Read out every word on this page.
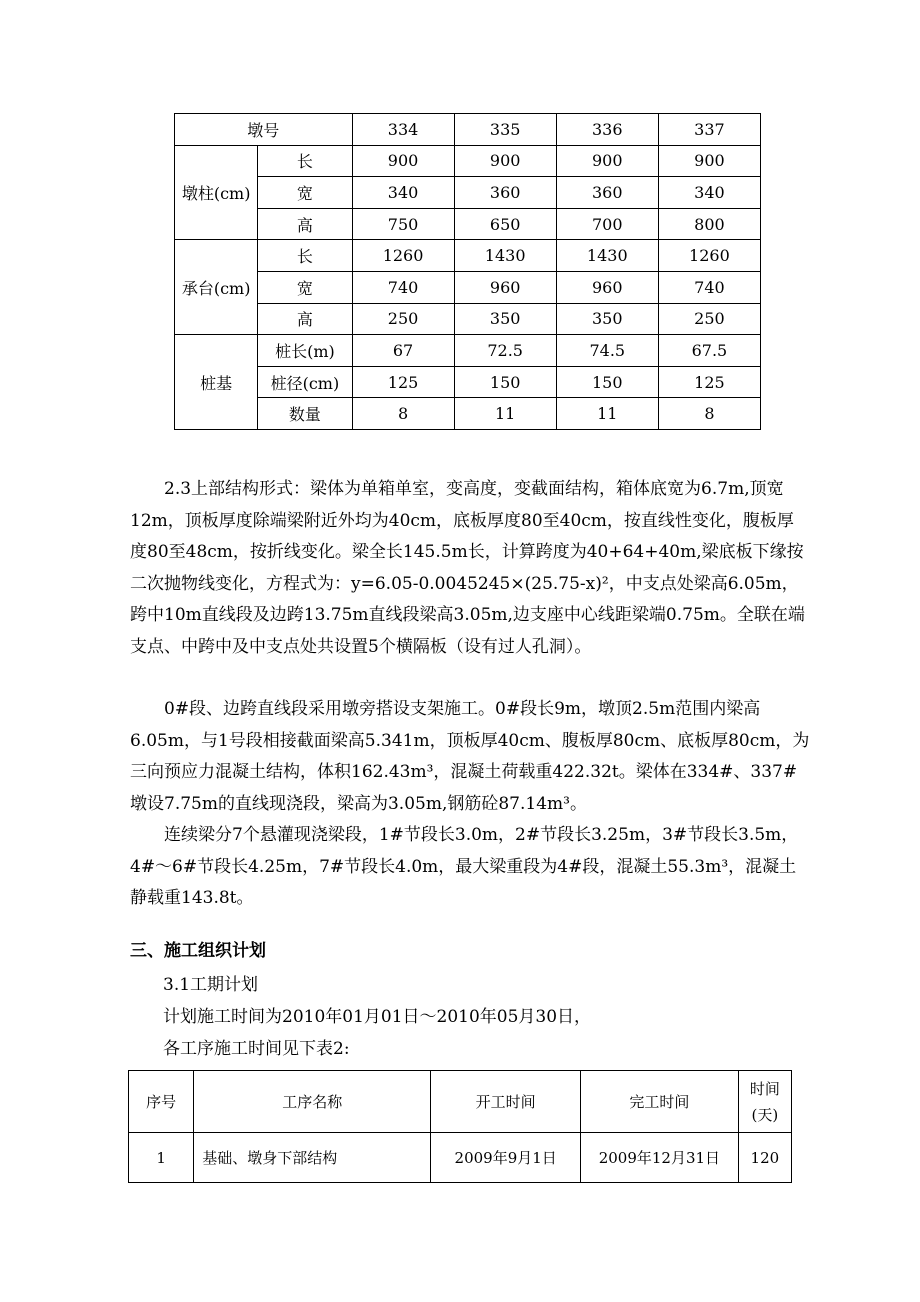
墩号		334	335	336	337
墩柱(cm)	长	900	900	900	900
	宽	340	360	360	340
	高	750	650	700	800
承台(cm)	长	1260	1430	1430	1260
	宽	740	960	960	740
	高	250	350	350	250
桩基	桩长(m)	67	72.5	74.5	67.5
	桩径(cm)	125	150	150	125
	数量	8	11	11	8

2.3上部结构形式：梁体为单箱单室，变高度，变截面结构，箱体底宽为6.7m,顶宽12m，顶板厚度除端梁附近外均为40cm，底板厚度80至40cm，按直线性变化，腹板厚度80至48cm，按折线变化。梁全长145.5m长，计算跨度为40+64+40m,梁底板下缘按二次抛物线变化，方程式为：y=6.05-0.0045245×(25.75-x)²，中支点处梁高6.05m，跨中10m直线段及边跨13.75m直线段梁高3.05m,边支座中心线距梁端0.75m。全联在端支点、中跨中及中支点处共设置5个横隔板（设有过人孔洞）。

0#段、边跨直线段采用墩旁搭设支架施工。0#段长9m，墩顶2.5m范围内梁高6.05m，与1号段相接截面梁高5.341m，顶板厚40cm、腹板厚80cm、底板厚80cm，为三向预应力混凝土结构，体积162.43m³，混凝土荷载重422.32t。梁体在334#、337#墩设7.75m的直线现浇段，梁高为3.05m,钢筋砼87.14m³。

连续梁分7个悬灌现浇梁段，1#节段长3.0m，2#节段长3.25m，3#节段长3.5m，4#～6#节段长4.25m，7#节段长4.0m，最大梁重段为4#段，混凝土55.3m³，混凝土静载重143.8t。

三、施工组织计划

3.1工期计划

计划施工时间为2010年01月01日～2010年05月30日，

各工序施工时间见下表2:

序号	工序名称	开工时间	完工时间	时间(天)
1	基础、墩身下部结构	2009年9月1日	2009年12月31日	120
